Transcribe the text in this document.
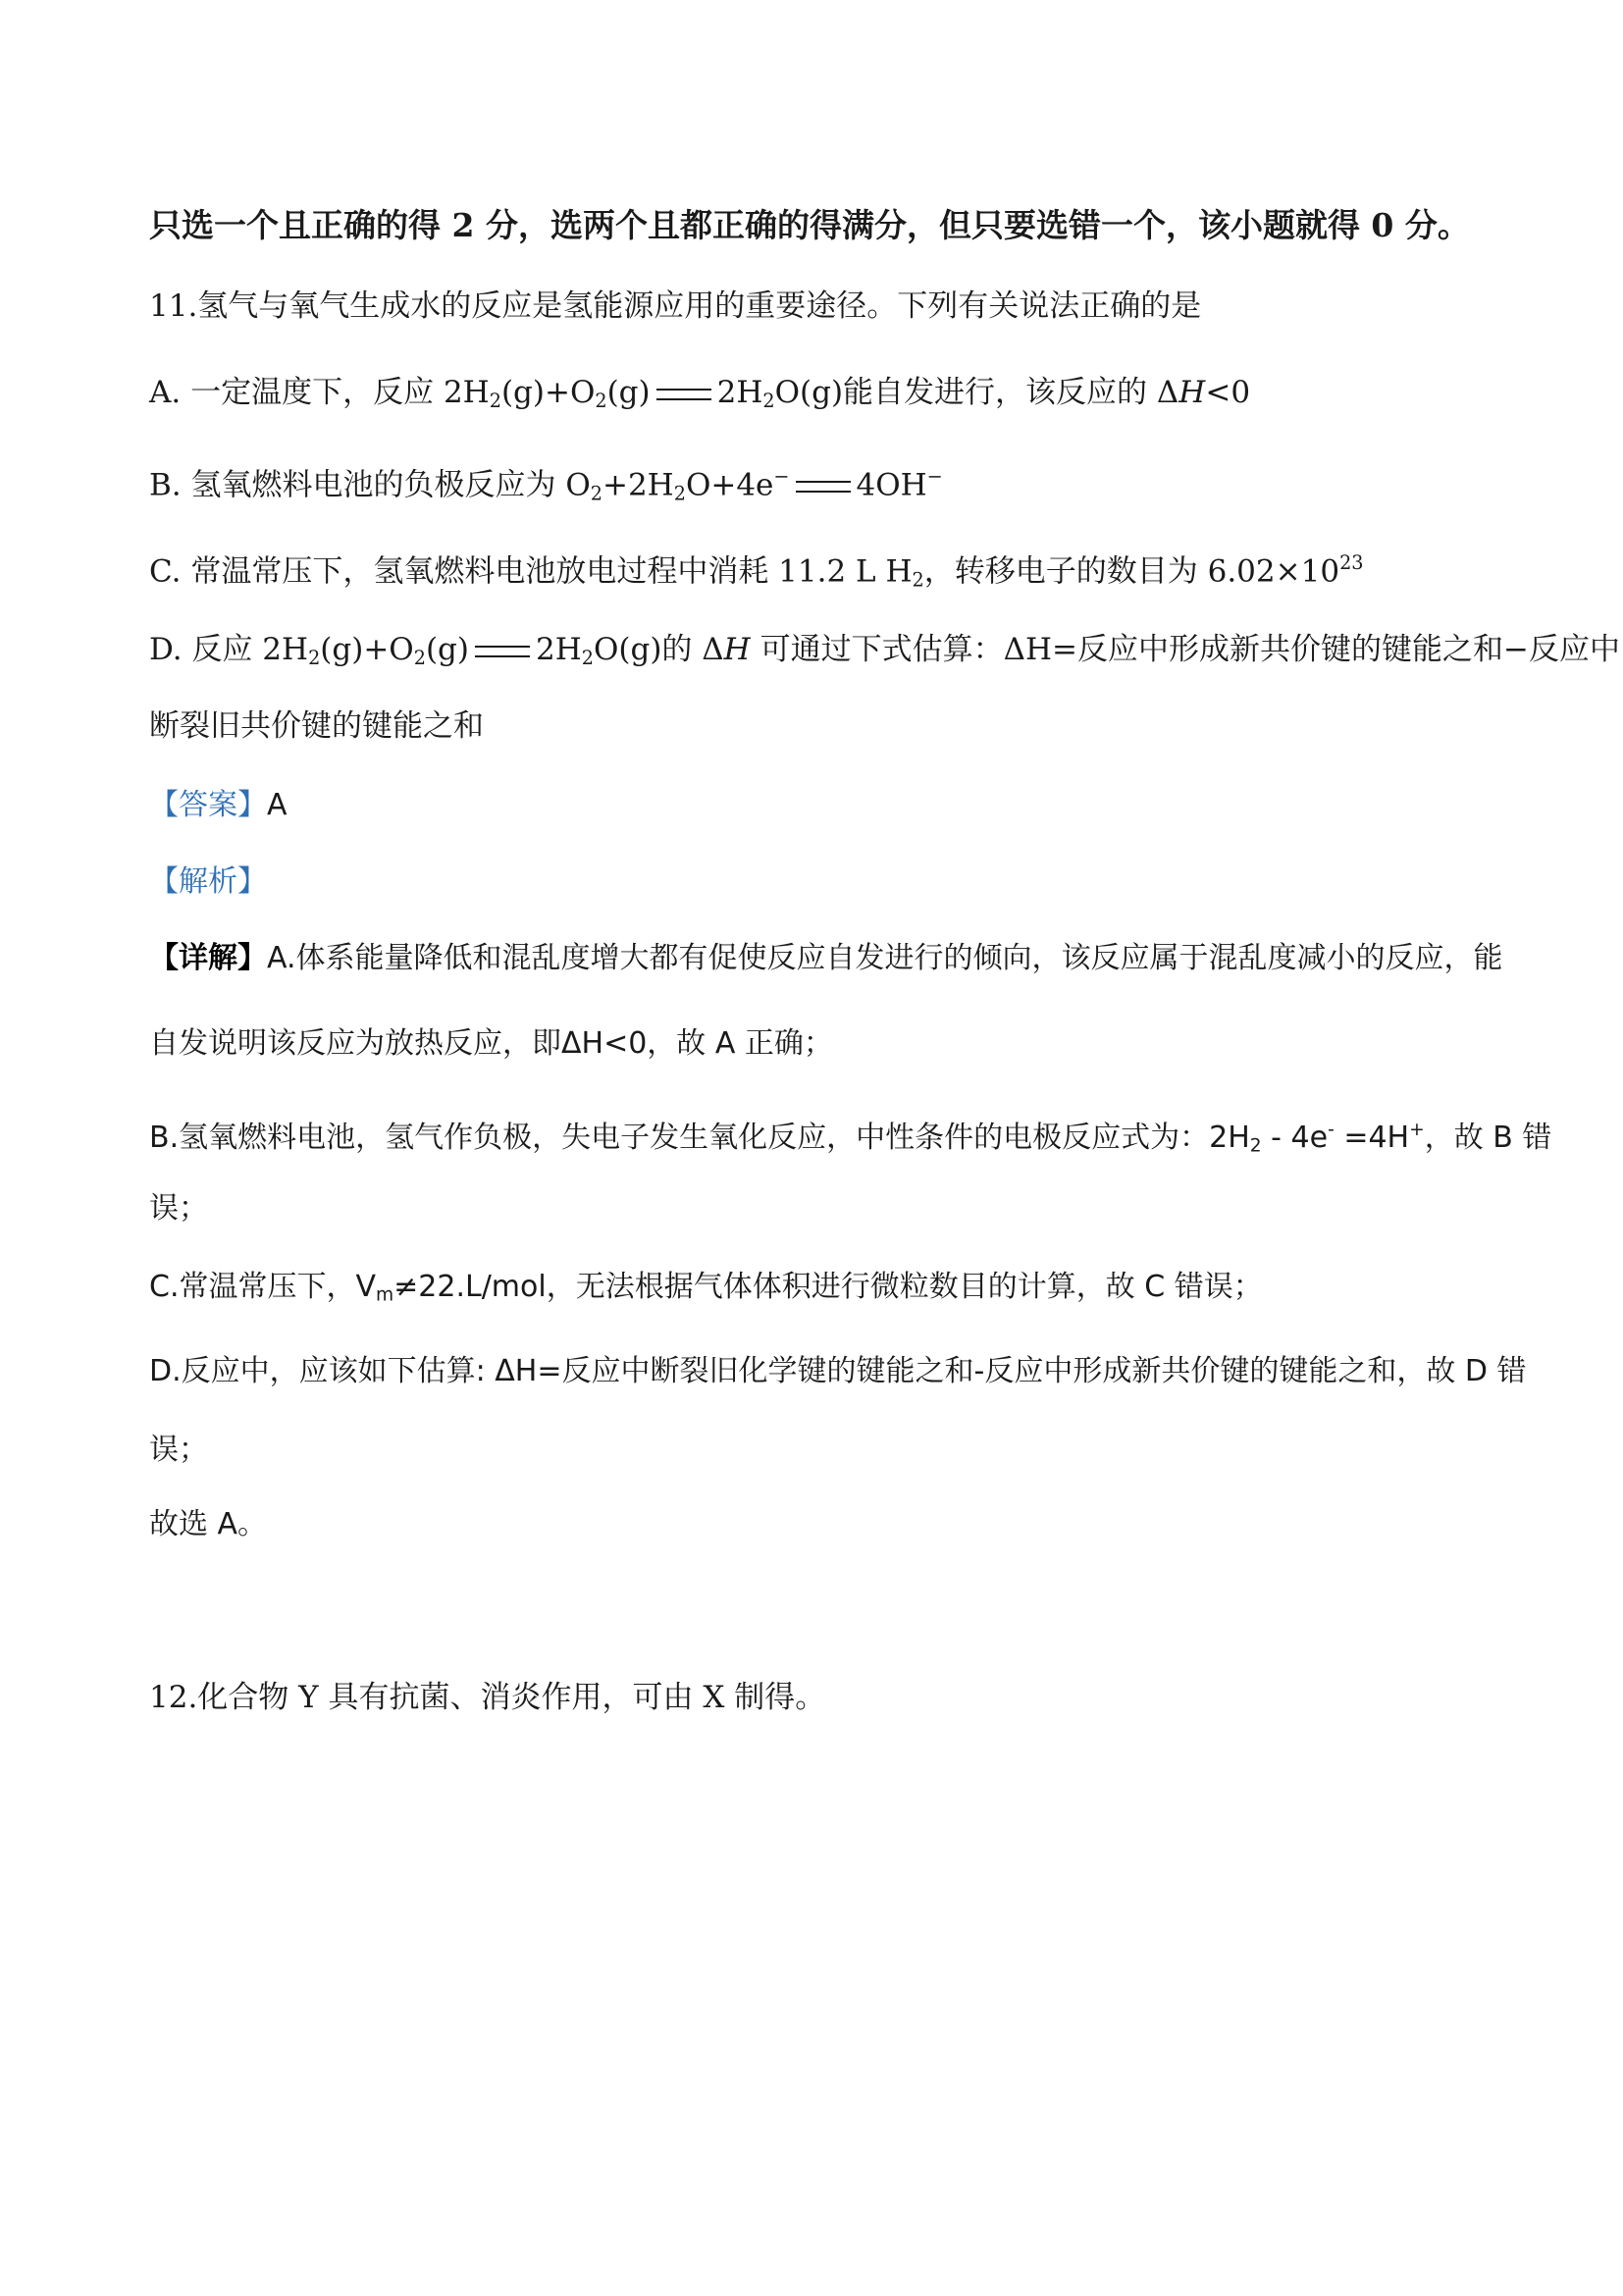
只选一个且正确的得 2 分，选两个且都正确的得满分，但只要选错一个，该小题就得 0 分。
11.氢气与氧气生成水的反应是氢能源应用的重要途径。下列有关说法正确的是
A. 一定温度下，反应 $2H_2(g)+O_2(g)$ $2H_2O(g)$能自发进行，该反应的 ΔH<0
B. 氢氧燃料电池的负极反应为 $O_2+2H_2O+4e^-$ 4OH−
C. 常温常压下，氢氧燃料电池放电过程中消耗 11.2 L $H_2$，转移电子的数目为 $6.02\times 10^{23}$
D. 反应 $2H_2(g)+O_2(g)$ $2H_2O(g)$的 ΔH 可通过下式估算：ΔH=反应中形成新共价键的键能之和−反应中
断裂旧共价键的键能之和
【答案】A
【解析】
【详解】A.体系能量降低和混乱度增大都有促使反应自发进行的倾向，该反应属于混乱度减小的反应，能
自发说明该反应为放热反应，即ΔH<0，故 A 正确；
B.氢氧燃料电池，氢气作负极，失电子发生氧化反应，中性条件的电极反应式为：$2H_2 - 4e^- =4H^+$，故 B 错
误；
C.常温常压下，$V_m\ne 22.L$/mol，无法根据气体体积进行微粒数目的计算，故 C 错误；
D.反应中，应该如下估算: ΔH=反应中断裂旧化学键的键能之和-反应中形成新共价键的键能之和，故 D 错
误；
故选 A。
12.化合物 Y 具有抗菌、消炎作用，可由 X 制得。
